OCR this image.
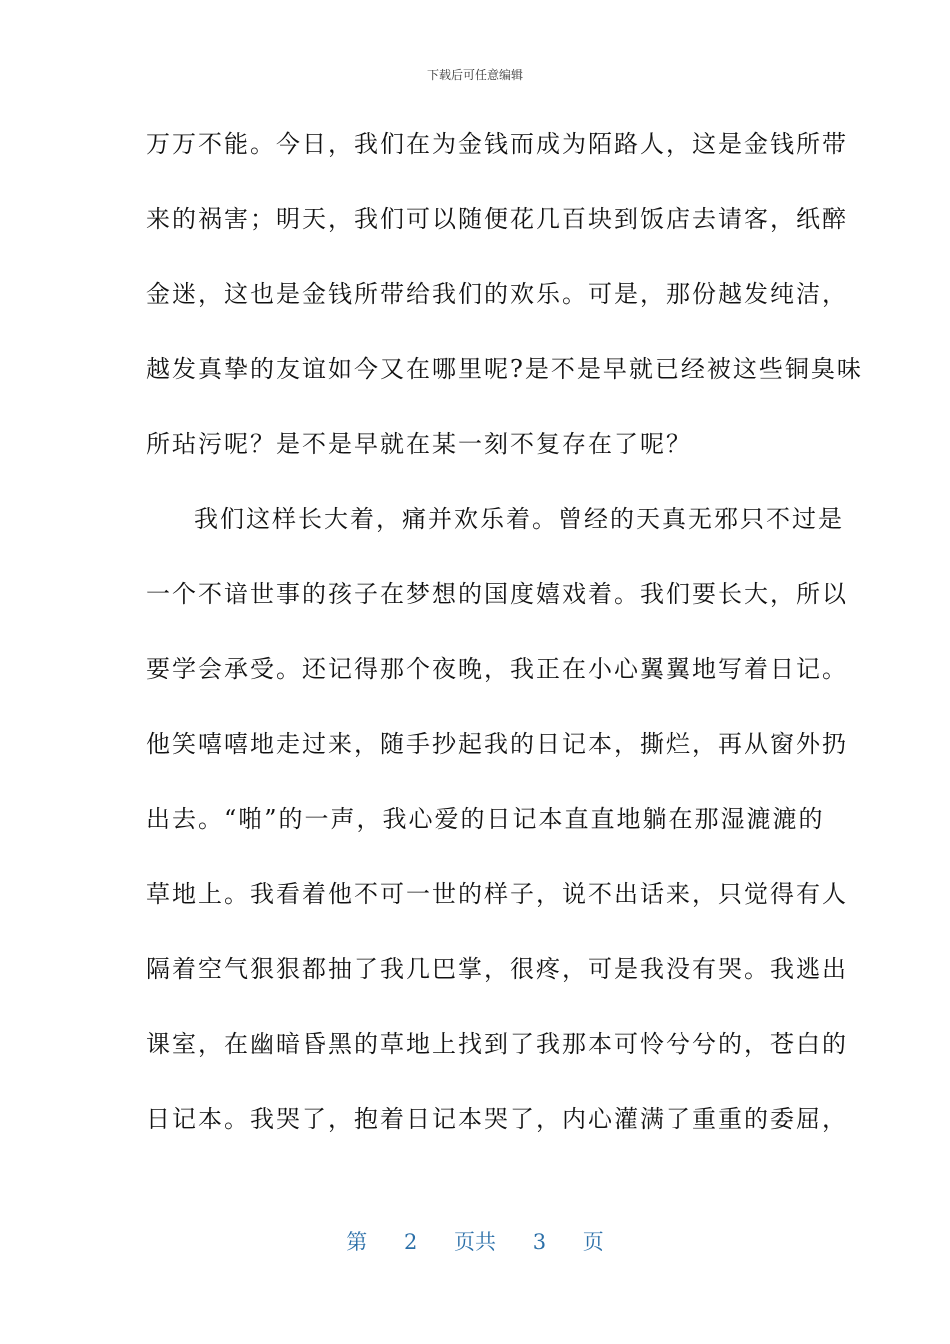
下载后可任意编辑
万万不能。今日，我们在为金钱而成为陌路人，这是金钱所带
来的祸害；明天，我们可以随便花几百块到饭店去请客，纸醉
金迷，这也是金钱所带给我们的欢乐。可是，那份越发纯洁，
越发真挚的友谊如今又在哪里呢?是不是早就已经被这些铜臭味
所玷污呢？是不是早就在某一刻不复存在了呢？
我们这样长大着，痛并欢乐着。曾经的天真无邪只不过是
一个不谙世事的孩子在梦想的国度嬉戏着。我们要长大，所以
要学会承受。还记得那个夜晚，我正在小心翼翼地写着日记。
他笑嘻嘻地走过来，随手抄起我的日记本，撕烂，再从窗外扔
出去。“啪”的一声，我心爱的日记本直直地躺在那湿漉漉的
草地上。我看着他不可一世的样子，说不出话来，只觉得有人
隔着空气狠狠都抽了我几巴掌，很疼，可是我没有哭。我逃出
课室，在幽暗昏黑的草地上找到了我那本可怜兮兮的，苍白的
日记本。我哭了，抱着日记本哭了，内心灌满了重重的委屈，
第 2 页共 3 页
